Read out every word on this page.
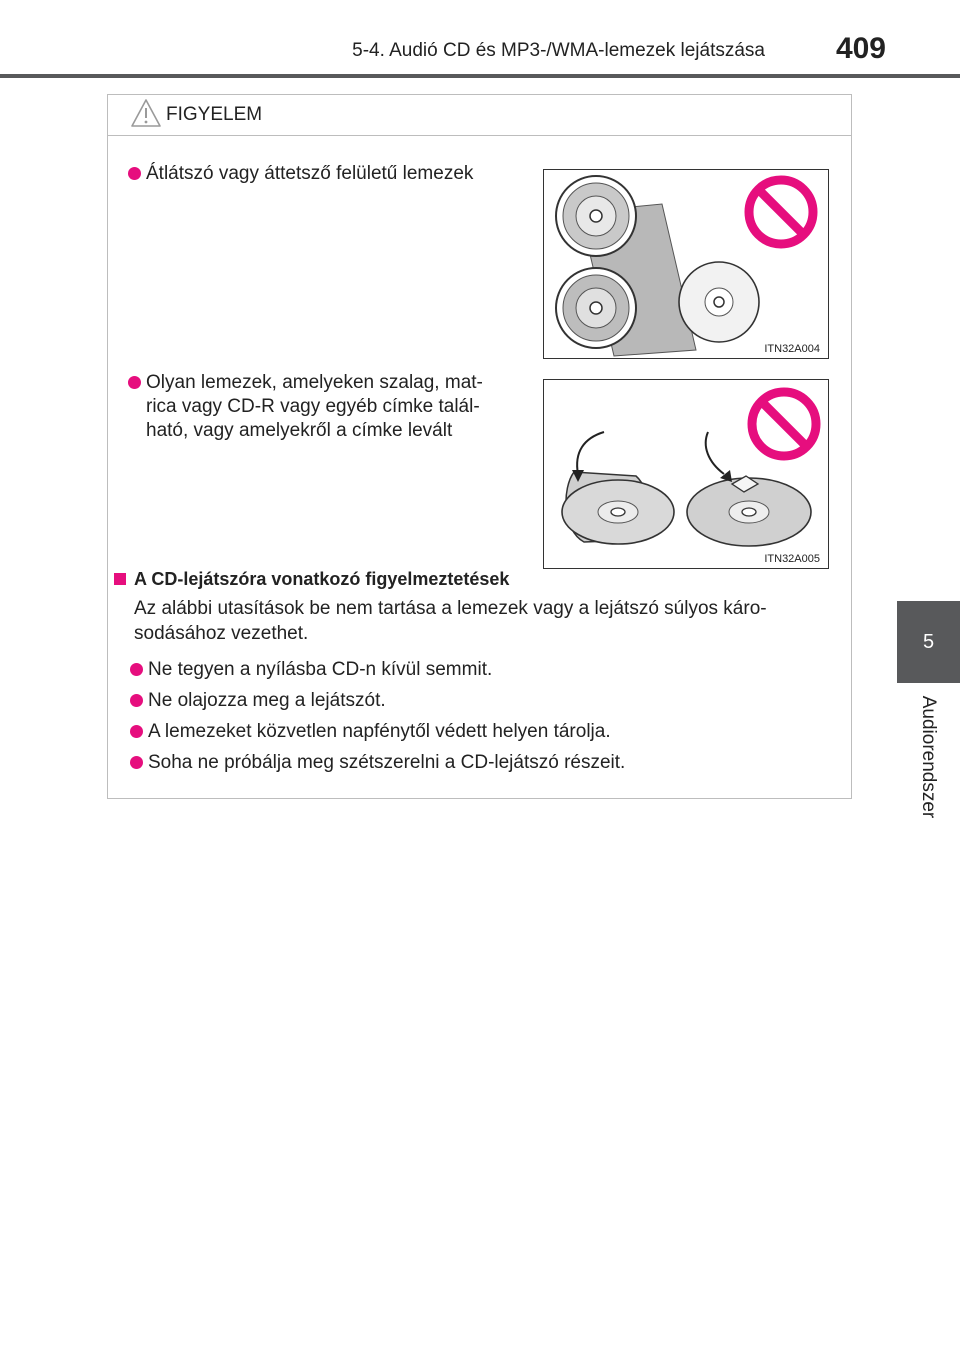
5-4. Audió CD és MP3-/WMA-lemezek lejátszása	409
5
Audiorendszer
FIGYELEM
Átlátszó vagy áttetsző felületű lemezek
ITN32A004
Olyan lemezek, amelyeken szalag, mat-
rica vagy CD-R vagy egyéb címke talál-
ható, vagy amelyekről a címke levált
ITN32A005
A CD-lejátszóra vonatkozó figyelmeztetések
Az alábbi utasítások be nem tartása a lemezek vagy a lejátszó súlyos káro-
sodásához vezethet.
Ne tegyen a nyílásba CD-n kívül semmit.
Ne olajozza meg a lejátszót.
A lemezeket közvetlen napfénytől védett helyen tárolja.
Soha ne próbálja meg szétszerelni a CD-lejátszó részeit.
